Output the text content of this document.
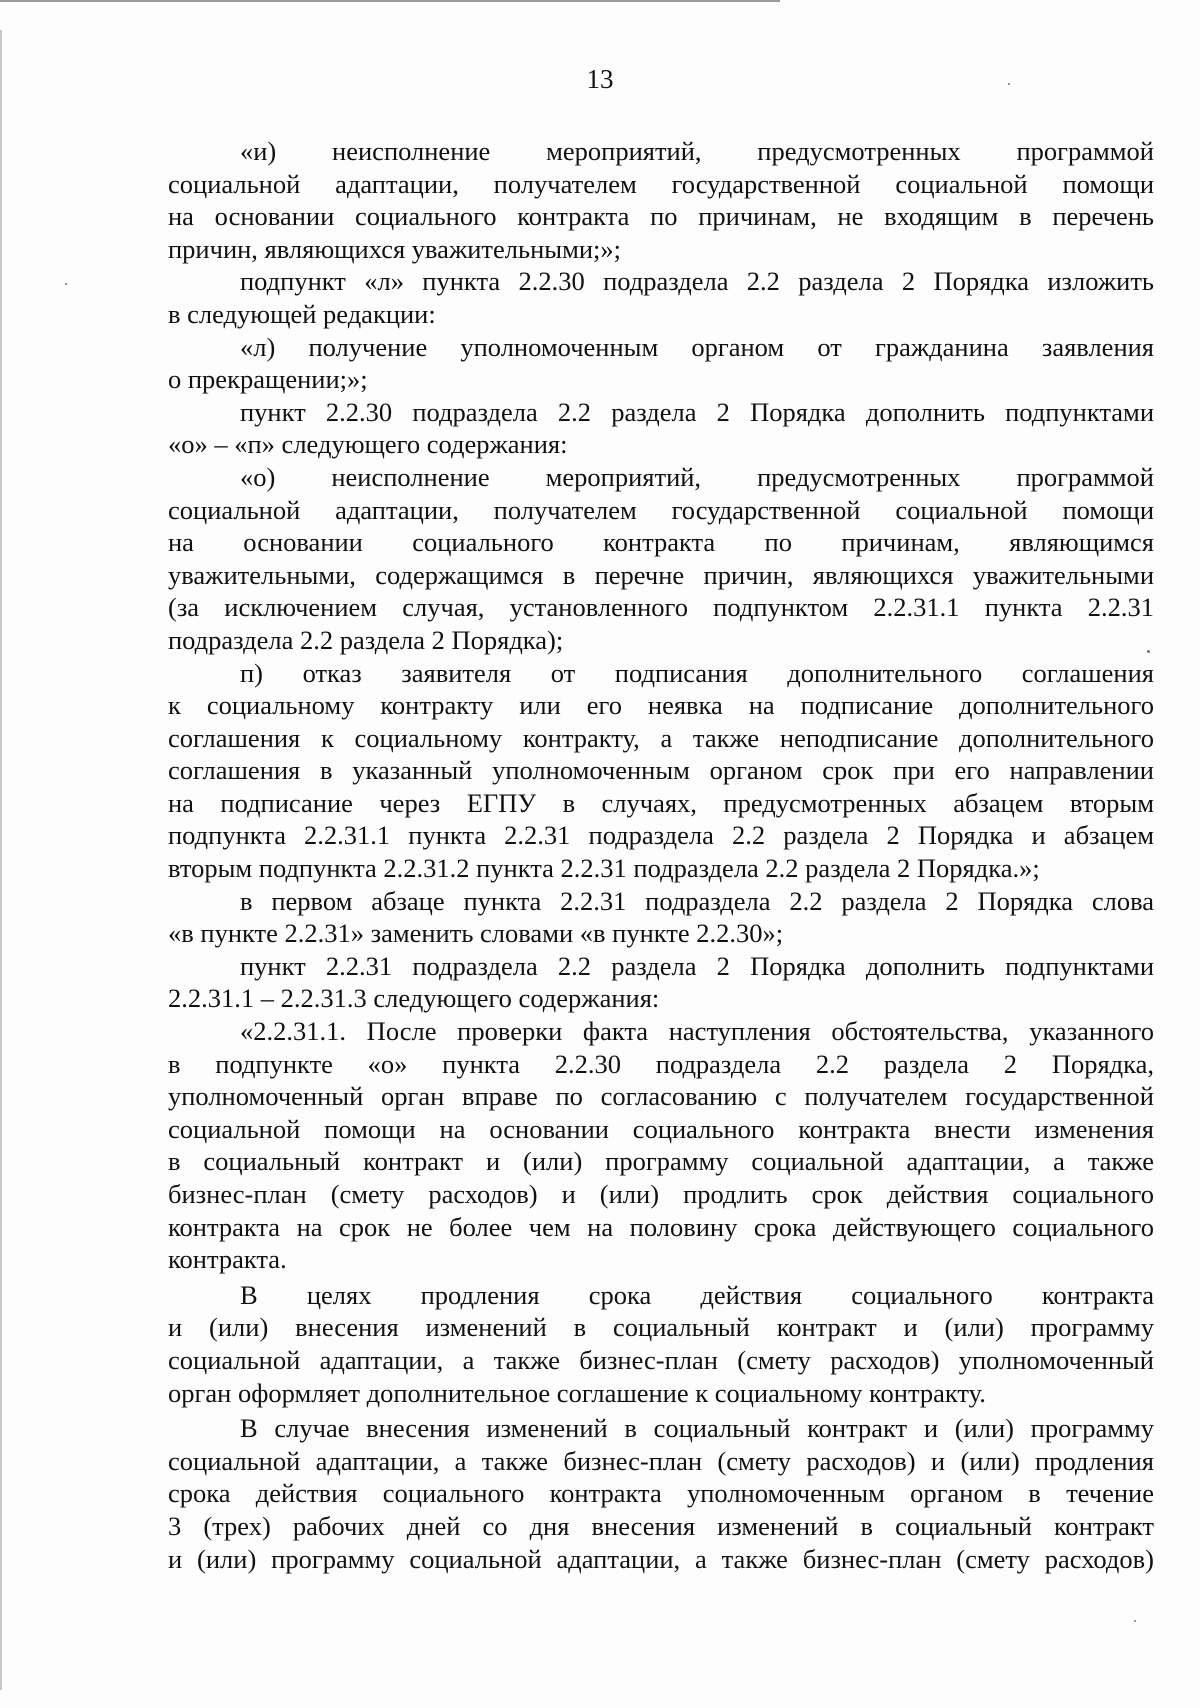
13
«и) неисполнение мероприятий, предусмотренных программой
социальной адаптации, получателем государственной социальной помощи
на основании социального контракта по причинам, не входящим в перечень
причин, являющихся уважительными;»;
подпункт «л» пункта 2.2.30 подраздела 2.2 раздела 2 Порядка изложить
в следующей редакции:
«л) получение уполномоченным органом от гражданина заявления
о прекращении;»;
пункт 2.2.30 подраздела 2.2 раздела 2 Порядка дополнить подпунктами
«о» – «п» следующего содержания:
«о) неисполнение мероприятий, предусмотренных программой
социальной адаптации, получателем государственной социальной помощи
на основании социального контракта по причинам, являющимся
уважительными, содержащимся в перечне причин, являющихся уважительными
(за исключением случая, установленного подпунктом 2.2.31.1 пункта 2.2.31
подраздела 2.2 раздела 2 Порядка);
п) отказ заявителя от подписания дополнительного соглашения
к социальному контракту или его неявка на подписание дополнительного
соглашения к социальному контракту, а также неподписание дополнительного
соглашения в указанный уполномоченным органом срок при его направлении
на подписание через ЕГПУ в случаях, предусмотренных абзацем вторым
подпункта 2.2.31.1 пункта 2.2.31 подраздела 2.2 раздела 2 Порядка и абзацем
вторым подпункта 2.2.31.2 пункта 2.2.31 подраздела 2.2 раздела 2 Порядка.»;
в первом абзаце пункта 2.2.31 подраздела 2.2 раздела 2 Порядка слова
«в пункте 2.2.31» заменить словами «в пункте 2.2.30»;
пункт 2.2.31 подраздела 2.2 раздела 2 Порядка дополнить подпунктами
2.2.31.1 – 2.2.31.3 следующего содержания:
«2.2.31.1. После проверки факта наступления обстоятельства, указанного
в подпункте «о» пункта 2.2.30 подраздела 2.2 раздела 2 Порядка,
уполномоченный орган вправе по согласованию с получателем государственной
социальной помощи на основании социального контракта внести изменения
в социальный контракт и (или) программу социальной адаптации, а также
бизнес-план (смету расходов) и (или) продлить срок действия социального
контракта на срок не более чем на половину срока действующего социального
контракта.
В целях продления срока действия социального контракта
и (или) внесения изменений в социальный контракт и (или) программу
социальной адаптации, а также бизнес-план (смету расходов) уполномоченный
орган оформляет дополнительное соглашение к социальному контракту.
В случае внесения изменений в социальный контракт и (или) программу
социальной адаптации, а также бизнес-план (смету расходов) и (или) продления
срока действия социального контракта уполномоченным органом в течение
3 (трех) рабочих дней со дня внесения изменений в социальный контракт
и (или) программу социальной адаптации, а также бизнес-план (смету расходов)
